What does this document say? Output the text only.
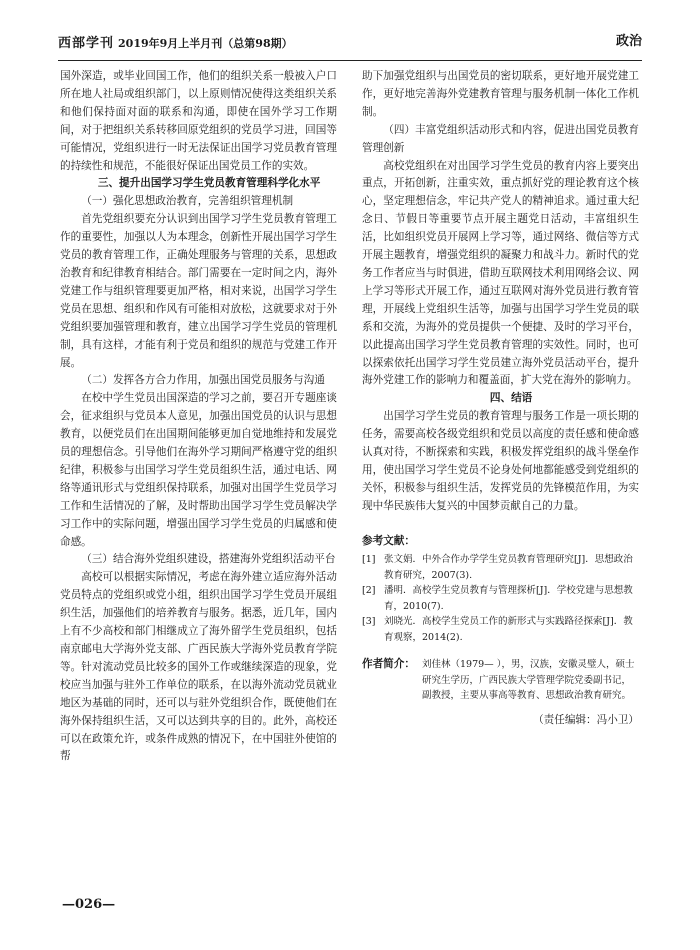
西部学刊 2019年9月上半月刊（总第98期）	政治

国外深造，或毕业回国工作，他们的组织关系一般被入户口所在地人社局或组织部门，以上原则情况使得这类组织关系和他们保持面对面的联系和沟通，即使在国外学习工作期间，对于把组织关系转移回原党组织的党员学习进，回国等可能情况，党组织进行一时无法保证出国学习党员教育管理的持续性和规范，不能很好保证出国党员工作的实效。

三、提升出国学习学生党员教育管理科学化水平

（一）强化思想政治教育，完善组织管理机制

首先党组织要充分认识到出国学习学生党员教育管理工作的重要性，加强以人为本理念，创新性开展出国学习学生党员的教育管理工作，正确处理服务与管理的关系，思想政治教育和纪律教育相结合。部门需要在一定时间之内，海外党建工作与组织管理要更加严格，相对来说，出国学习学生党员在思想、组织和作风有可能相对放松，这就要求对于外党组织要加强管理和教育，建立出国学习学生党员的管理机制，具有这样，才能有利于党员和组织的规范与党建工作开展。

（二）发挥各方合力作用，加强出国党员服务与沟通

在校中学生党员出国深造的学习之前，要召开专题座谈会，征求组织与党员本人意见，加强出国党员的认识与思想教育，以便党员们在出国期间能够更加自觉地维持和发展党员的理想信念。引导他们在海外学习期间严格遵守党的组织纪律，积极参与出国学习学生党员组织生活，通过电话、网络等通讯形式与党组织保持联系，加强对出国学生党员学习工作和生活情况的了解，及时帮助出国学习学生党员解决学习工作中的实际问题，增强出国学习学生党员的归属感和使命感。

（三）结合海外党组织建设，搭建海外党组织活动平台

高校可以根据实际情况，考虑在海外建立适应海外活动党员特点的党组织或党小组，组织出国学习学生党员开展组织生活，加强他们的培养教育与服务。据悉，近几年，国内上有不少高校和部门相继成立了海外留学生党员组织，包括南京邮电大学海外党支部、广西民族大学海外党员教育学院等。针对流动党员比较多的国外工作或继续深造的现象，党校应当加强与驻外工作单位的联系，在以海外流动党员就业地区为基础的同时，还可以与驻外党组织合作，既使他们在海外保持组织生活，又可以达到共享的目的。此外，高校还可以在政策允许，或条件成熟的情况下，在中国驻外使馆的帮

助下加强党组织与出国党员的密切联系，更好地开展党建工作，更好地完善海外党建教育管理与服务机制一体化工作机制。

（四）丰富党组织活动形式和内容，促进出国党员教育管理创新

高校党组织在对出国学习学生党员的教育内容上要突出重点，开拓创新，注重实效，重点抓好党的理论教育这个核心，坚定理想信念，牢记共产党人的精神追求。通过重大纪念日、节假日等重要节点开展主题党日活动，丰富组织生活，比如组织党员开展网上学习等，通过网络、微信等方式开展主题教育，增强党组织的凝聚力和战斗力。新时代的党务工作者应当与时俱进，借助互联网技术利用网络会议、网上学习等形式开展工作，通过互联网对海外党员进行教育管理，开展线上党组织生活等，加强与出国学习学生党员的联系和交流，为海外的党员提供一个便捷、及时的学习平台，以此提高出国学习学生党员教育管理的实效性。同时，也可以探索依托出国学习学生党员建立海外党员活动平台，提升海外党建工作的影响力和覆盖面，扩大党在海外的影响力。

四、结语

出国学习学生党员的教育管理与服务工作是一项长期的任务，需要高校各级党组织和党员以高度的责任感和使命感认真对待，不断探索和实践，积极发挥党组织的战斗堡垒作用，使出国学习学生党员不论身处何地都能感受到党组织的关怀，积极参与组织生活，发挥党员的先锋模范作用，为实现中华民族伟大复兴的中国梦贡献自己的力量。

参考文献：
[1] 张文娟．中外合作办学学生党员教育管理研究[J]．思想政治教育研究，2007(3).
[2] 潘明．高校学生党员教育与管理探析[J]．学校党建与思想教育，2010(7).
[3] 刘晓光．高校学生党员工作的新形式与实践路径探索[J]．教育观察，2014(2).
作者简介： 刘佳林（1979— ），男，汉族，安徽灵璧人，硕士研究生学历，广西民族大学管理学院党委副书记，副教授，主要从事高等教育、思想政治教育研究。
（责任编辑：冯小卫）
—026—
